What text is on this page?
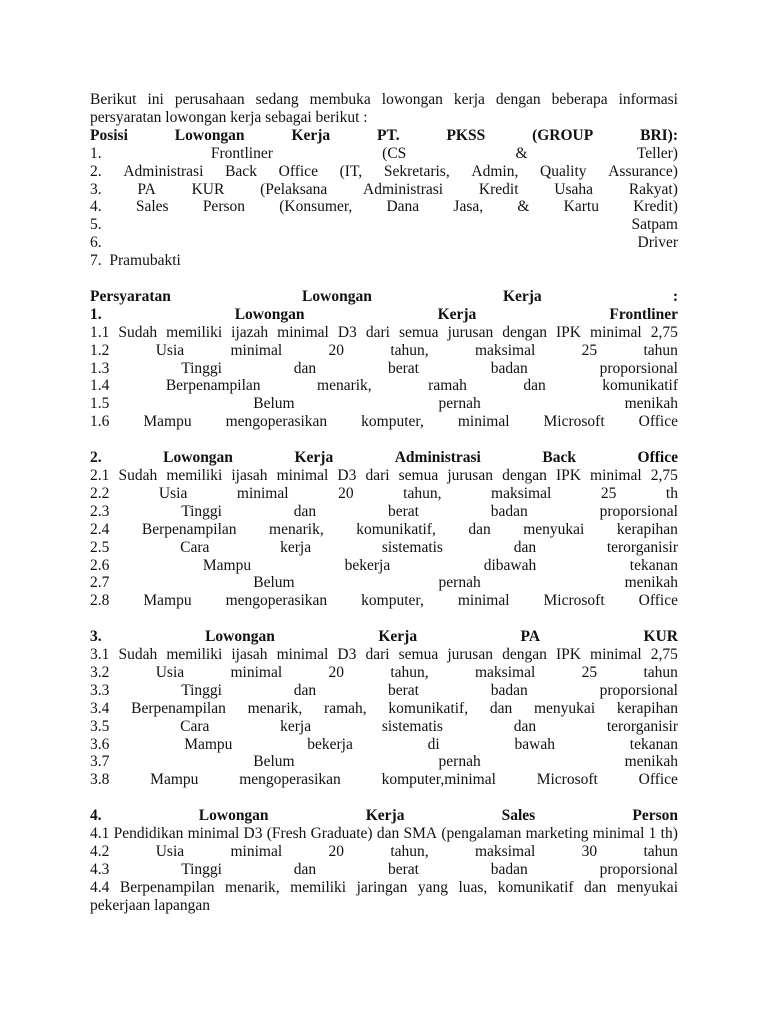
Berikut ini perusahaan sedang membuka lowongan kerja dengan beberapa informasi persyaratan lowongan kerja sebagai berikut :
Posisi	Lowongan	Kerja	PT.	PKSS	(GROUP	BRI):
1.	Frontliner	(CS	&	Teller)
2. Administrasi Back Office (IT, Sekretaris, Admin, Quality Assurance)
3. PA KUR (Pelaksana Administrasi Kredit Usaha Rakyat)
4. Sales Person (Konsumer, Dana Jasa, & Kartu Kredit)
5.	Satpam
6.	Driver
7.  Pramubakti
Persyaratan	Lowongan	Kerja	:
1.	Lowongan	Kerja	Frontliner
1.1 Sudah memiliki ijazah minimal D3 dari semua jurusan dengan IPK minimal 2,75
1.2	Usia	minimal	20	tahun,	maksimal	25	tahun
1.3	Tinggi	dan	berat	badan	proporsional
1.4	Berpenampilan	menarik,	ramah	dan	komunikatif
1.5	Belum	pernah	menikah
1.6 Mampu mengoperasikan komputer, minimal Microsoft Office
2.	Lowongan	Kerja	Administrasi	Back	Office
2.1 Sudah memiliki ijasah minimal D3 dari semua jurusan dengan IPK minimal 2,75
2.2	Usia	minimal	20	tahun,	maksimal	25	th
2.3	Tinggi	dan	berat	badan	proporsional
2.4 Berpenampilan menarik, komunikatif, dan menyukai kerapihan
2.5	Cara	kerja	sistematis	dan	terorganisir
2.6	Mampu	bekerja	dibawah	tekanan
2.7	Belum	pernah	menikah
2.8 Mampu mengoperasikan komputer, minimal Microsoft Office
3.	Lowongan	Kerja	PA	KUR
3.1 Sudah memiliki ijasah minimal D3 dari semua jurusan dengan IPK minimal 2,75
3.2	Usia	minimal	20	tahun,	maksimal	25	tahun
3.3	Tinggi	dan	berat	badan	proporsional
3.4 Berpenampilan menarik, ramah, komunikatif, dan menyukai kerapihan
3.5	Cara	kerja	sistematis	dan	terorganisir
3.6	Mampu	bekerja	di	bawah	tekanan
3.7	Belum	pernah	menikah
3.8	Mampu	mengoperasikan	komputer,minimal	Microsoft	Office
4.	Lowongan	Kerja	Sales	Person
4.1 Pendidikan minimal D3 (Fresh Graduate) dan SMA (pengalaman marketing minimal 1 th)
4.2	Usia	minimal	20	tahun,	maksimal	30	tahun
4.3	Tinggi	dan	berat	badan	proporsional
4.4 Berpenampilan menarik, memiliki jaringan yang luas, komunikatif dan menyukai pekerjaan lapangan
